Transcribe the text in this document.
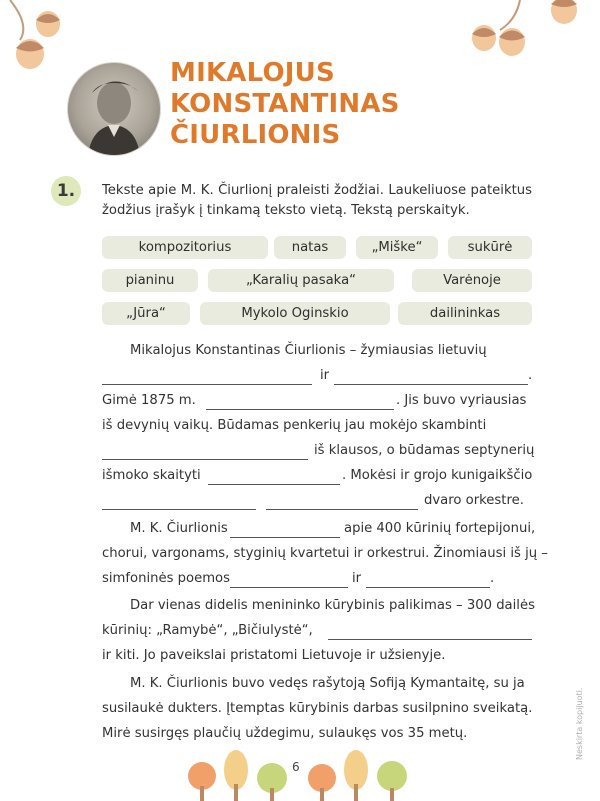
MIKALOJUS
KONSTANTINAS
ČIURLIONIS
1.	Tekste apie M. K. Čiurlionį praleisti žodžiai. Laukeliuose pateiktus žodžius įrašyk į tinkamą teksto vietą. Tekstą perskaityk.
kompozitorius	natas	„Miške“	sukūrė
pianinu	„Karalių pasaka“	Varėnoje
„Jūra“	Mykolo Oginskio	dailininkas
Mikalojus Konstantinas Čiurlionis – žymiausias lietuvių
ir	.
Gimė 1875 m.	. Jis buvo vyriausias
iš devynių vaikų. Būdamas penkerių jau mokėjo skambinti
iš klausos, o būdamas septynerių
išmoko skaityti	. Mokėsi ir grojo kunigaikščio
dvaro orkestre.
M. K. Čiurlionis	apie 400 kūrinių fortepijonui,
chorui, vargonams, styginių kvartetui ir orkestrui. Žinomiausi iš jų –
simfoninės poemos	ir	.
Dar vienas didelis menininko kūrybinis palikimas – 300 dailės
kūrinių: „Ramybė“, „Bičiulystė“,
ir kiti. Jo paveikslai pristatomi Lietuvoje ir užsienyje.
M. K. Čiurlionis buvo vedęs rašytoją Sofiją Kymantaitę, su ja
susilaukė dukters. Įtemptas kūrybinis darbas susilpnino sveikatą.
Mirė susirgęs plaučių uždegimu, sulaukęs vos 35 metų.
6
Neskirta kopijuoti.
